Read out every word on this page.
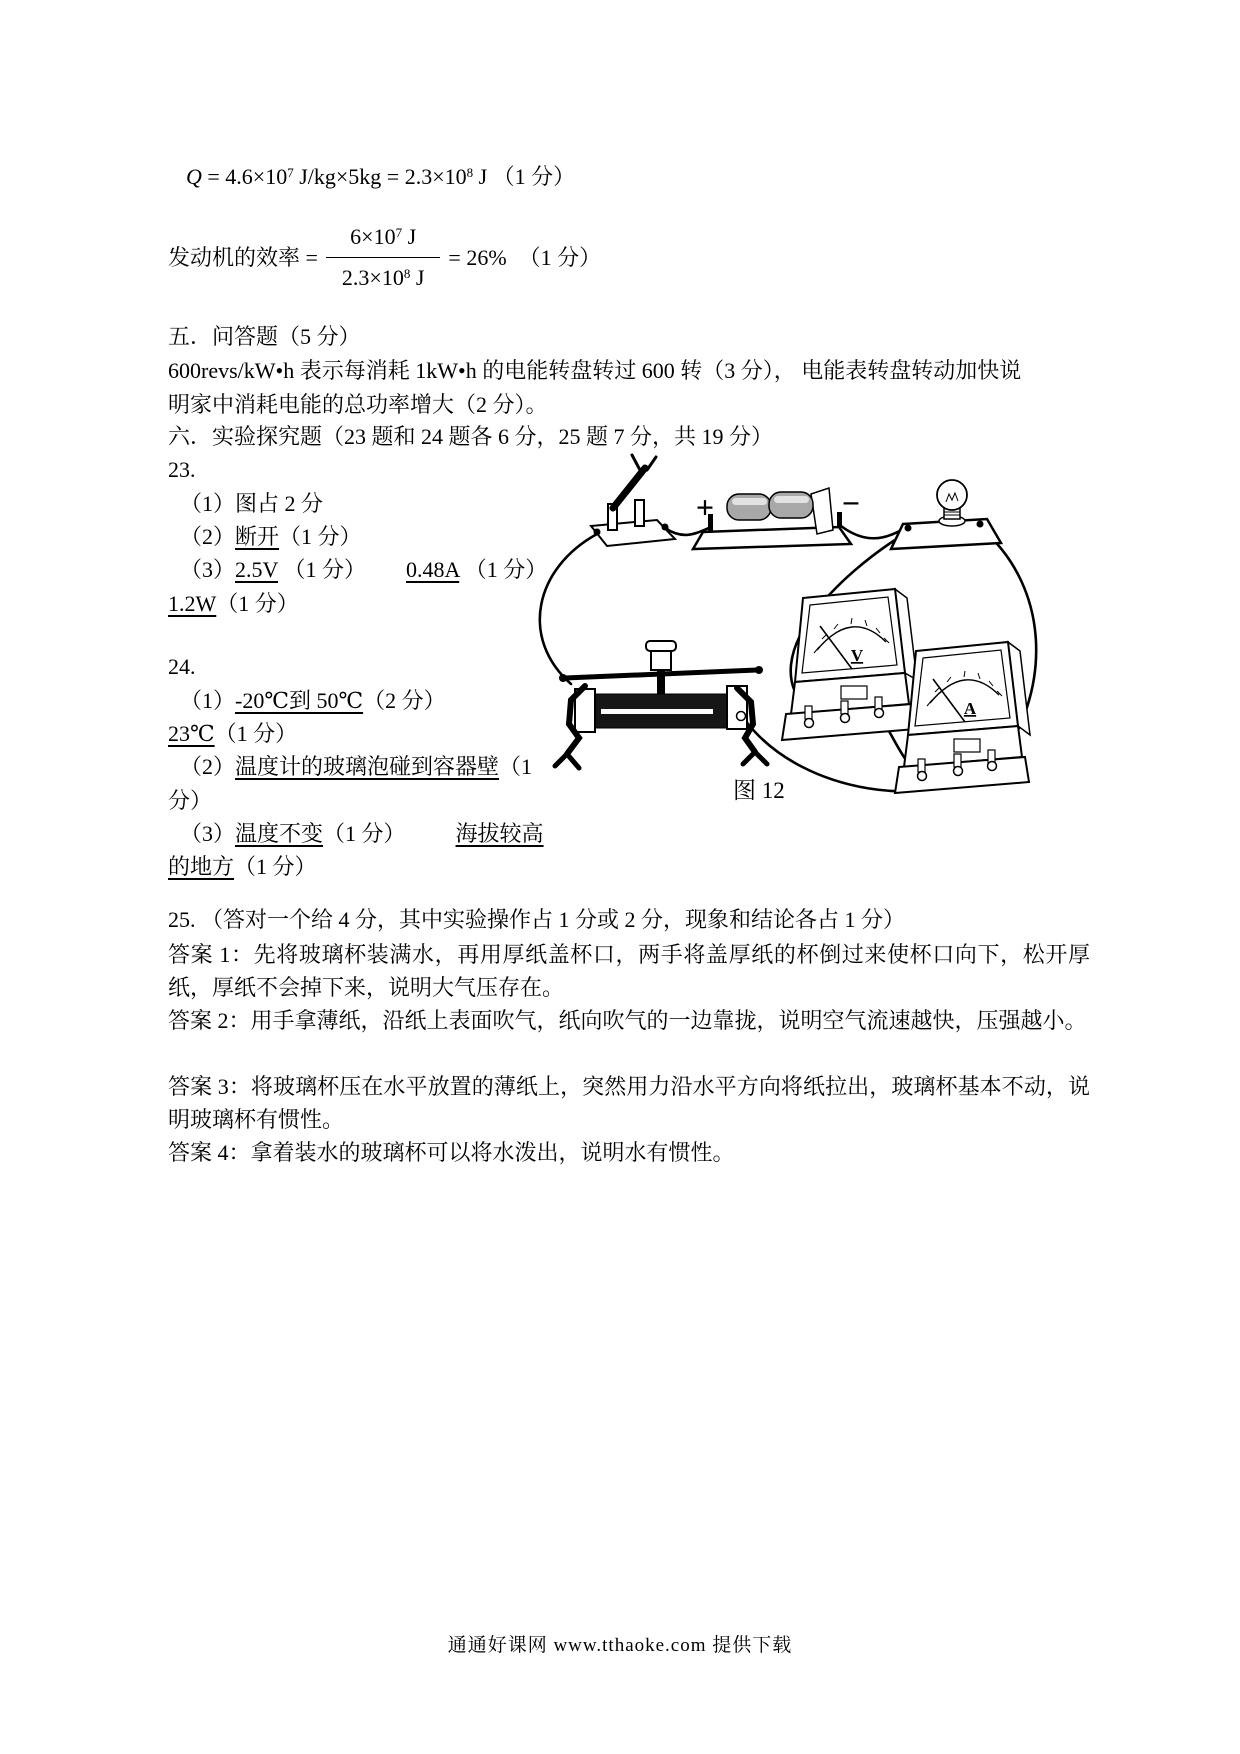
$Q = 4.6\times 10^7$ $J/kg\times 5kg = 2.3\times 10^8$ J （1 分）
发动机的效率 = $\frac{6\times 10^7 J}{2.3\times 10^8 J} = 26\%$ （1 分）
五．问答题（5 分）
600revs/kW•h 表示每消耗 1kW•h 的电能转盘转过 600 转（3 分）， 电能表转盘转动加快说
明家中消耗电能的总功率增大（2 分）。
六．实验探究题（23 题和 24 题各 6 分，25 题 7 分，共 19 分）
23.
（1）图占 2 分
（2）断开（1 分）
（3）2.5V （1 分） 0.48A （1 分）
1.2W（1 分）
24.
（1）-20℃到 50℃（2 分）
23℃（1 分）
（2）温度计的玻璃泡碰到容器壁（1
分）
（3）温度不变（1 分） 海拔较高
的地方（1 分）
25. （答对一个给 4 分，其中实验操作占 1 分或 2 分，现象和结论各占 1 分）
答案 1：先将玻璃杯装满水，再用厚纸盖杯口，两手将盖厚纸的杯倒过来使杯口向下，松开厚纸，厚纸不会掉下来，说明大气压存在。
答案 2：用手拿薄纸，沿纸上表面吹气，纸向吹气的一边靠拢，说明空气流速越快，压强越小。
答案 3：将玻璃杯压在水平放置的薄纸上，突然用力沿水平方向将纸拉出，玻璃杯基本不动，说明玻璃杯有惯性。
答案 4：拿着装水的玻璃杯可以将水泼出，说明水有惯性。
+	−
V
A
图 12
通通好课网 www.tthaoke.com 提供下载
